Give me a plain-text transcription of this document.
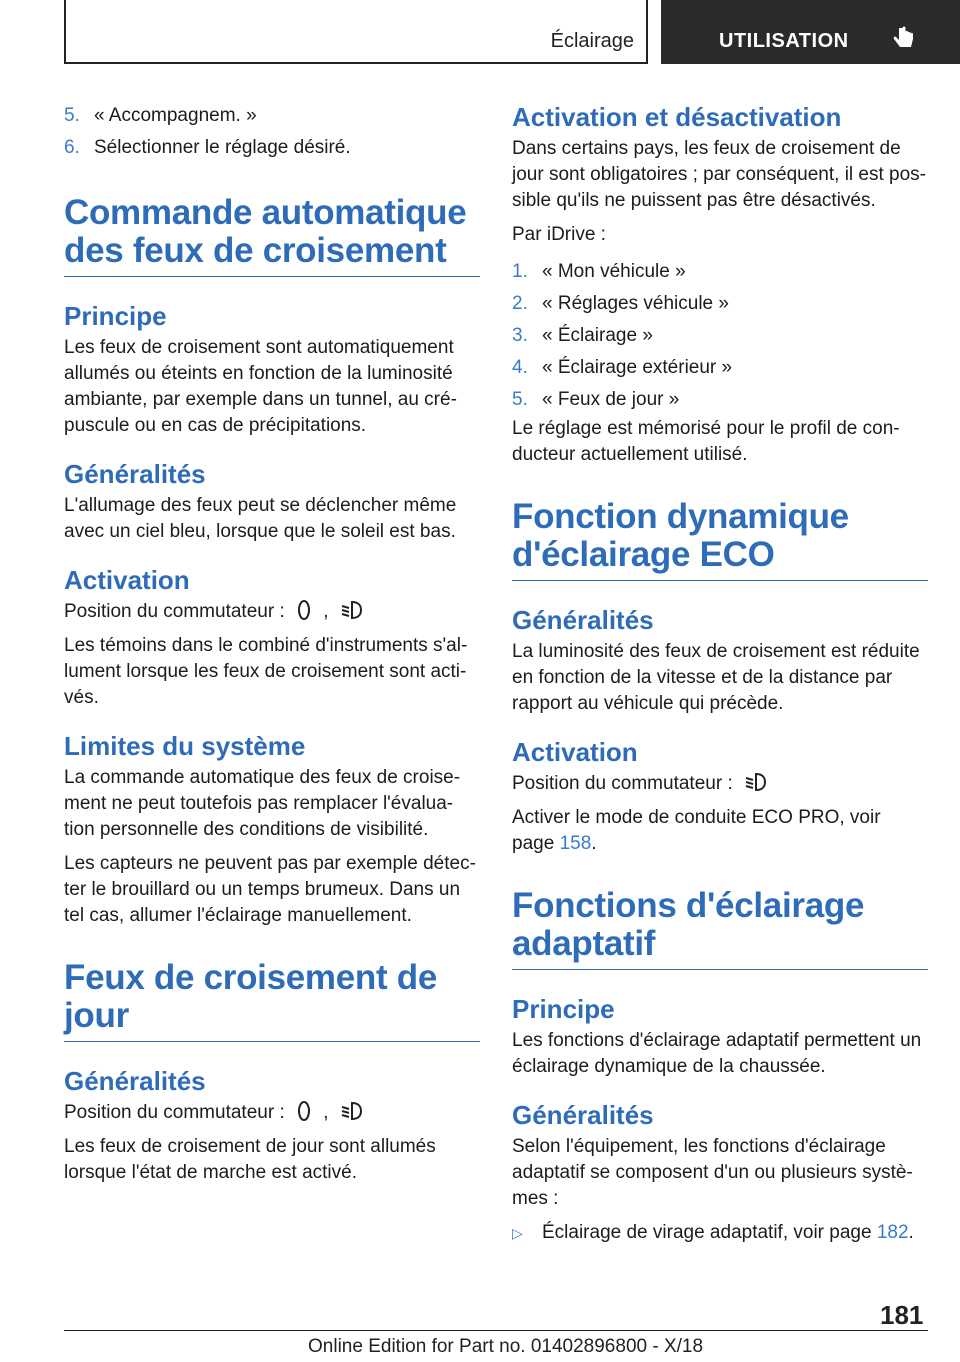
Éclairage	UTILISATION
5. « Accompagnem. »
6. Sélectionner le réglage désiré.
Commande automatique
des feux de croisement
Principe

Les feux de croisement sont automatiquement
allumés ou éteints en fonction de la luminosité
ambiante, par exemple dans un tunnel, au cré‐
puscule ou en cas de précipitations.

Généralités

L'allumage des feux peut se déclencher même
avec un ciel bleu, lorsque que le soleil est bas.

Activation

Position du commutateur : ,

Les témoins dans le combiné d'instruments s'al‐
lument lorsque les feux de croisement sont acti‐
vés.

Limites du système

La commande automatique des feux de croise‐
ment ne peut toutefois pas remplacer l'évalua‐
tion personnelle des conditions de visibilité.

Les capteurs ne peuvent pas par exemple détec‐
ter le brouillard ou un temps brumeux. Dans un
tel cas, allumer l'éclairage manuellement.

Feux de croisement de jour
Généralités

Position du commutateur : ,

Les feux de croisement de jour sont allumés
lorsque l'état de marche est activé.

Activation et désactivation

Dans certains pays, les feux de croisement de
jour sont obligatoires ; par conséquent, il est pos‐
sible qu'ils ne puissent pas être désactivés.

Par iDrive :

1. « Mon véhicule »
2. « Réglages véhicule »
3. « Éclairage »
4. « Éclairage extérieur »
5. « Feux de jour »

Le réglage est mémorisé pour le profil de con‐
ducteur actuellement utilisé.

Fonction dynamique
d'éclairage ECO
Généralités

La luminosité des feux de croisement est réduite
en fonction de la vitesse et de la distance par
rapport au véhicule qui précède.

Activation

Position du commutateur :

Activer le mode de conduite ECO PRO, voir
page 158.

Fonctions d'éclairage
adaptatif
Principe

Les fonctions d'éclairage adaptatif permettent un
éclairage dynamique de la chaussée.

Généralités

Selon l'équipement, les fonctions d'éclairage
adaptatif se composent d'un ou plusieurs systè‐
mes :

▷	Éclairage de virage adaptatif, voir page 182.
181
Online Edition for Part no. 01402896800 - X/18
